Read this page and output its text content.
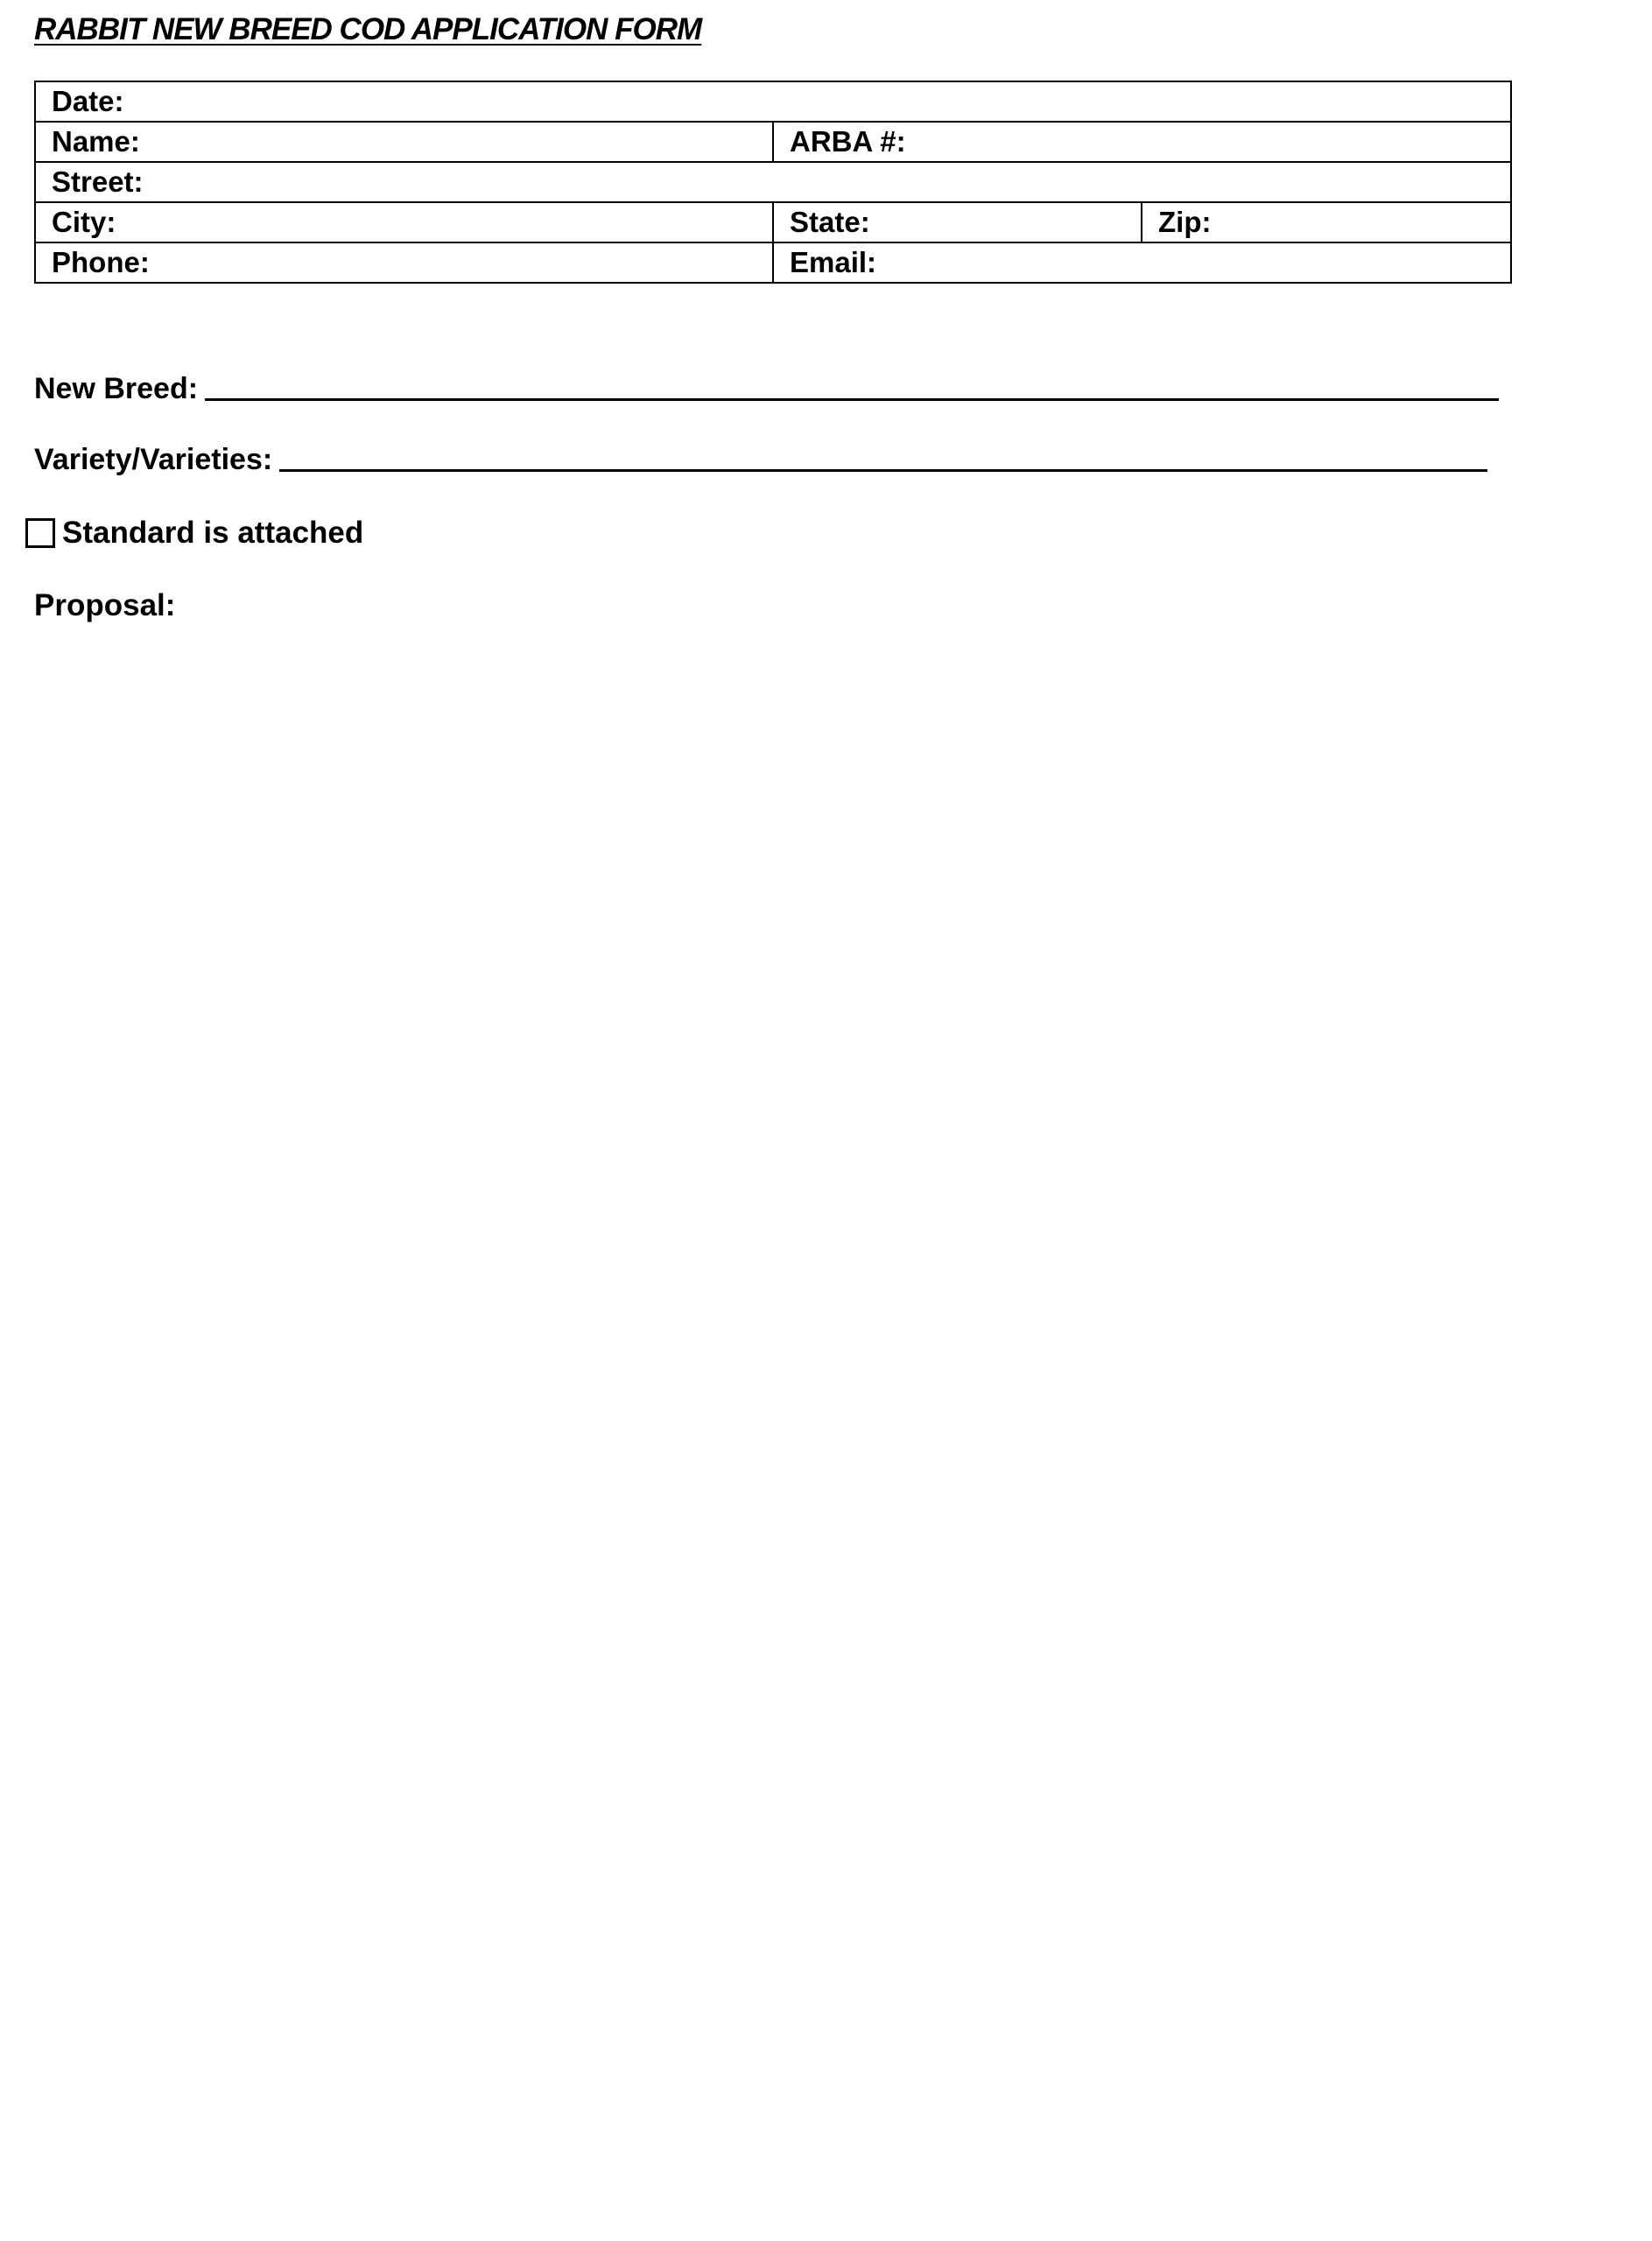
RABBIT NEW BREED COD APPLICATION FORM
Date:		
Name:	ARBA #:	
Street:		
City:	State:	Zip:
Phone:	Email:	
New Breed:
Variety/Varieties:
Standard is attached
Proposal:
